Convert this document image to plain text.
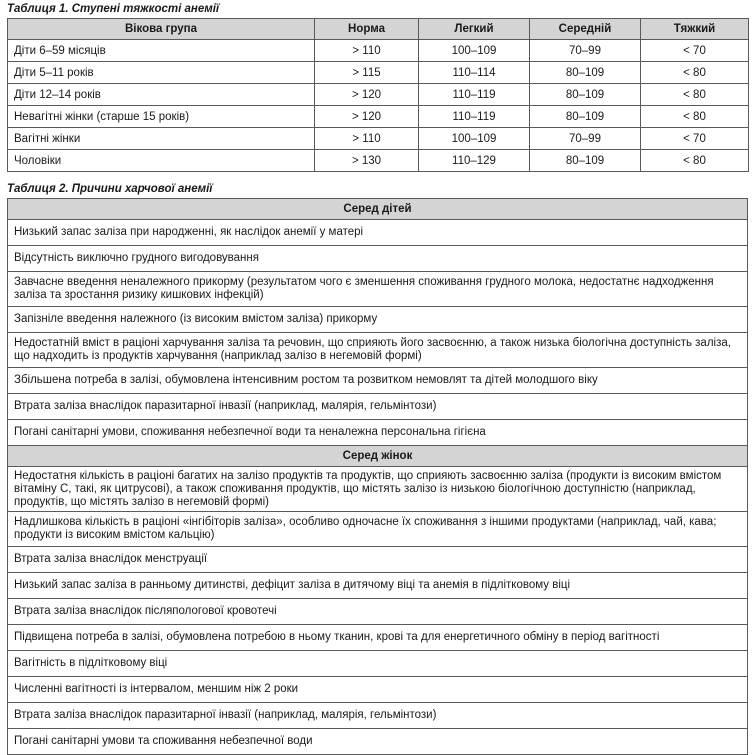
Таблиця 1. Ступені тяжкості анемії
Вікова група	Норма	Легкий	Середній	Тяжкий
Діти 6–59 місяців	> 110	100–109	70–99	< 70
Діти 5–11 років	> 115	110–114	80–109	< 80
Діти 12–14 років	> 120	110–119	80–109	< 80
Невагітні жінки (старше 15 років)	> 120	110–119	80–109	< 80
Вагітні жінки	> 110	100–109	70–99	< 70
Чоловіки	> 130	110–129	80–109	< 80
Таблиця 2. Причини харчової анемії
Серед дітей
Низький запас заліза при народженні, як наслідок анемії у матері
Відсутність виключно грудного вигодовування
Завчасне введення неналежного прикорму (результатом чого є зменшення споживання грудного молока, недостатнє надходження заліза та зростання ризику кишкових інфекцій)
Запізніле введення належного (із високим вмістом заліза) прикорму
Недостатній вміст в раціоні харчування заліза та речовин, що сприяють його засвоєнню, а також низька біологічна доступність заліза, що надходить із продуктів харчування (наприклад залізо в негемовій формі)
Збільшена потреба в залізі, обумовлена інтенсивним ростом та розвитком немовлят та дітей молодшого віку
Втрата заліза внаслідок паразитарної інвазії (наприклад, малярія, гельмінтози)
Погані санітарні умови, споживання небезпечної води та неналежна персональна гігієна
Серед жінок
Недостатня кількість в раціоні багатих на залізо продуктів та продуктів, що сприяють засвоєнню заліза (продукти із високим вмістом вітаміну С, такі, як цитрусові), а також споживання продуктів, що містять залізо із низькою біологічною доступністю (наприклад, продуктів, що містять залізо в негемовій формі)
Надлишкова кількість в раціоні «інгібіторів заліза», особливо одночасне їх споживання з іншими продуктами (наприклад, чай, кава; продукти із високим вмістом кальцію)
Втрата заліза внаслідок менструації
Низький запас заліза в ранньому дитинстві, дефіцит заліза в дитячому віці та анемія в підлітковому віці
Втрата заліза внаслідок післяпологової кровотечі
Підвищена потреба в залізі, обумовлена потребою в ньому тканин, крові та для енергетичного обміну в період вагітності
Вагітність в підлітковому віці
Численні вагітності із інтервалом, меншим ніж 2 роки
Втрата заліза внаслідок паразитарної інвазії (наприклад, малярія, гельмінтози)
Погані санітарні умови та споживання небезпечної води
